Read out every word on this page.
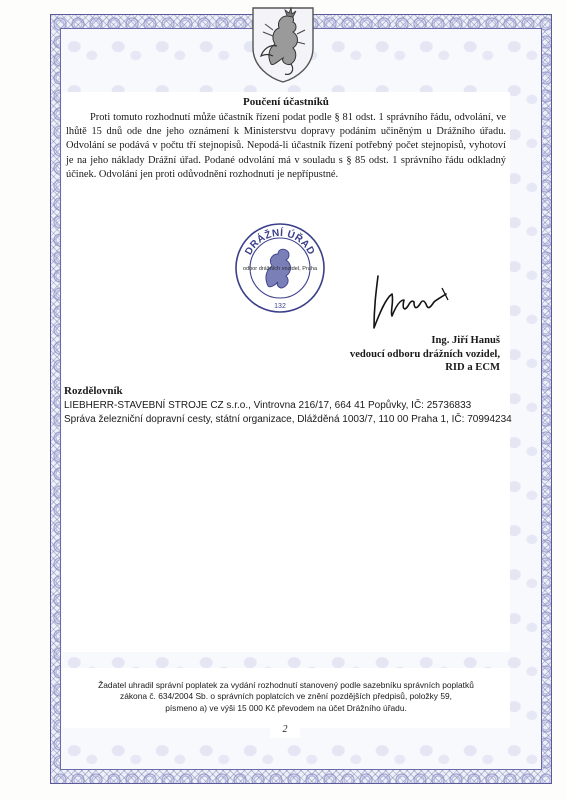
Poučení účastníků

Proti tomuto rozhodnutí může účastník řízení podat podle § 81 odst. 1 správního řádu, odvolání, ve lhůtě 15 dnů ode dne jeho oznámení k Ministerstvu dopravy podáním učiněným u Drážního úřadu. Odvolání se podává v počtu tří stejnopisů. Nepodá-li účastník řízení potřebný počet stejnopisů, vyhotoví je na jeho náklady Drážní úřad. Podané odvolání má v souladu s § 85 odst. 1 správního řádu odkladný účinek. Odvolání jen proti odůvodnění rozhodnutí je nepřípustné.

DRÁŽNÍ ÚŘAD
odbor drážních vozidel, Praha
132
Ing. Jiří Hanuš
vedoucí odboru drážních vozidel,
RID a ECM
Rozdělovník
LIEBHERR-STAVEBNÍ STROJE CZ s.r.o., Vintrovna 216/17, 664 41 Popůvky, IČ: 25736833
Správa železniční dopravní cesty, státní organizace, Dlážděná 1003/7, 110 00 Praha 1, IČ: 70994234
Žadatel uhradil správní poplatek za vydání rozhodnutí stanovený podle sazebníku správních poplatků
zákona č. 634/2004 Sb. o správních poplatcích ve znění pozdějších předpisů, položky 59,
písmeno a) ve výši 15 000 Kč převodem na účet Drážního úřadu.
2
